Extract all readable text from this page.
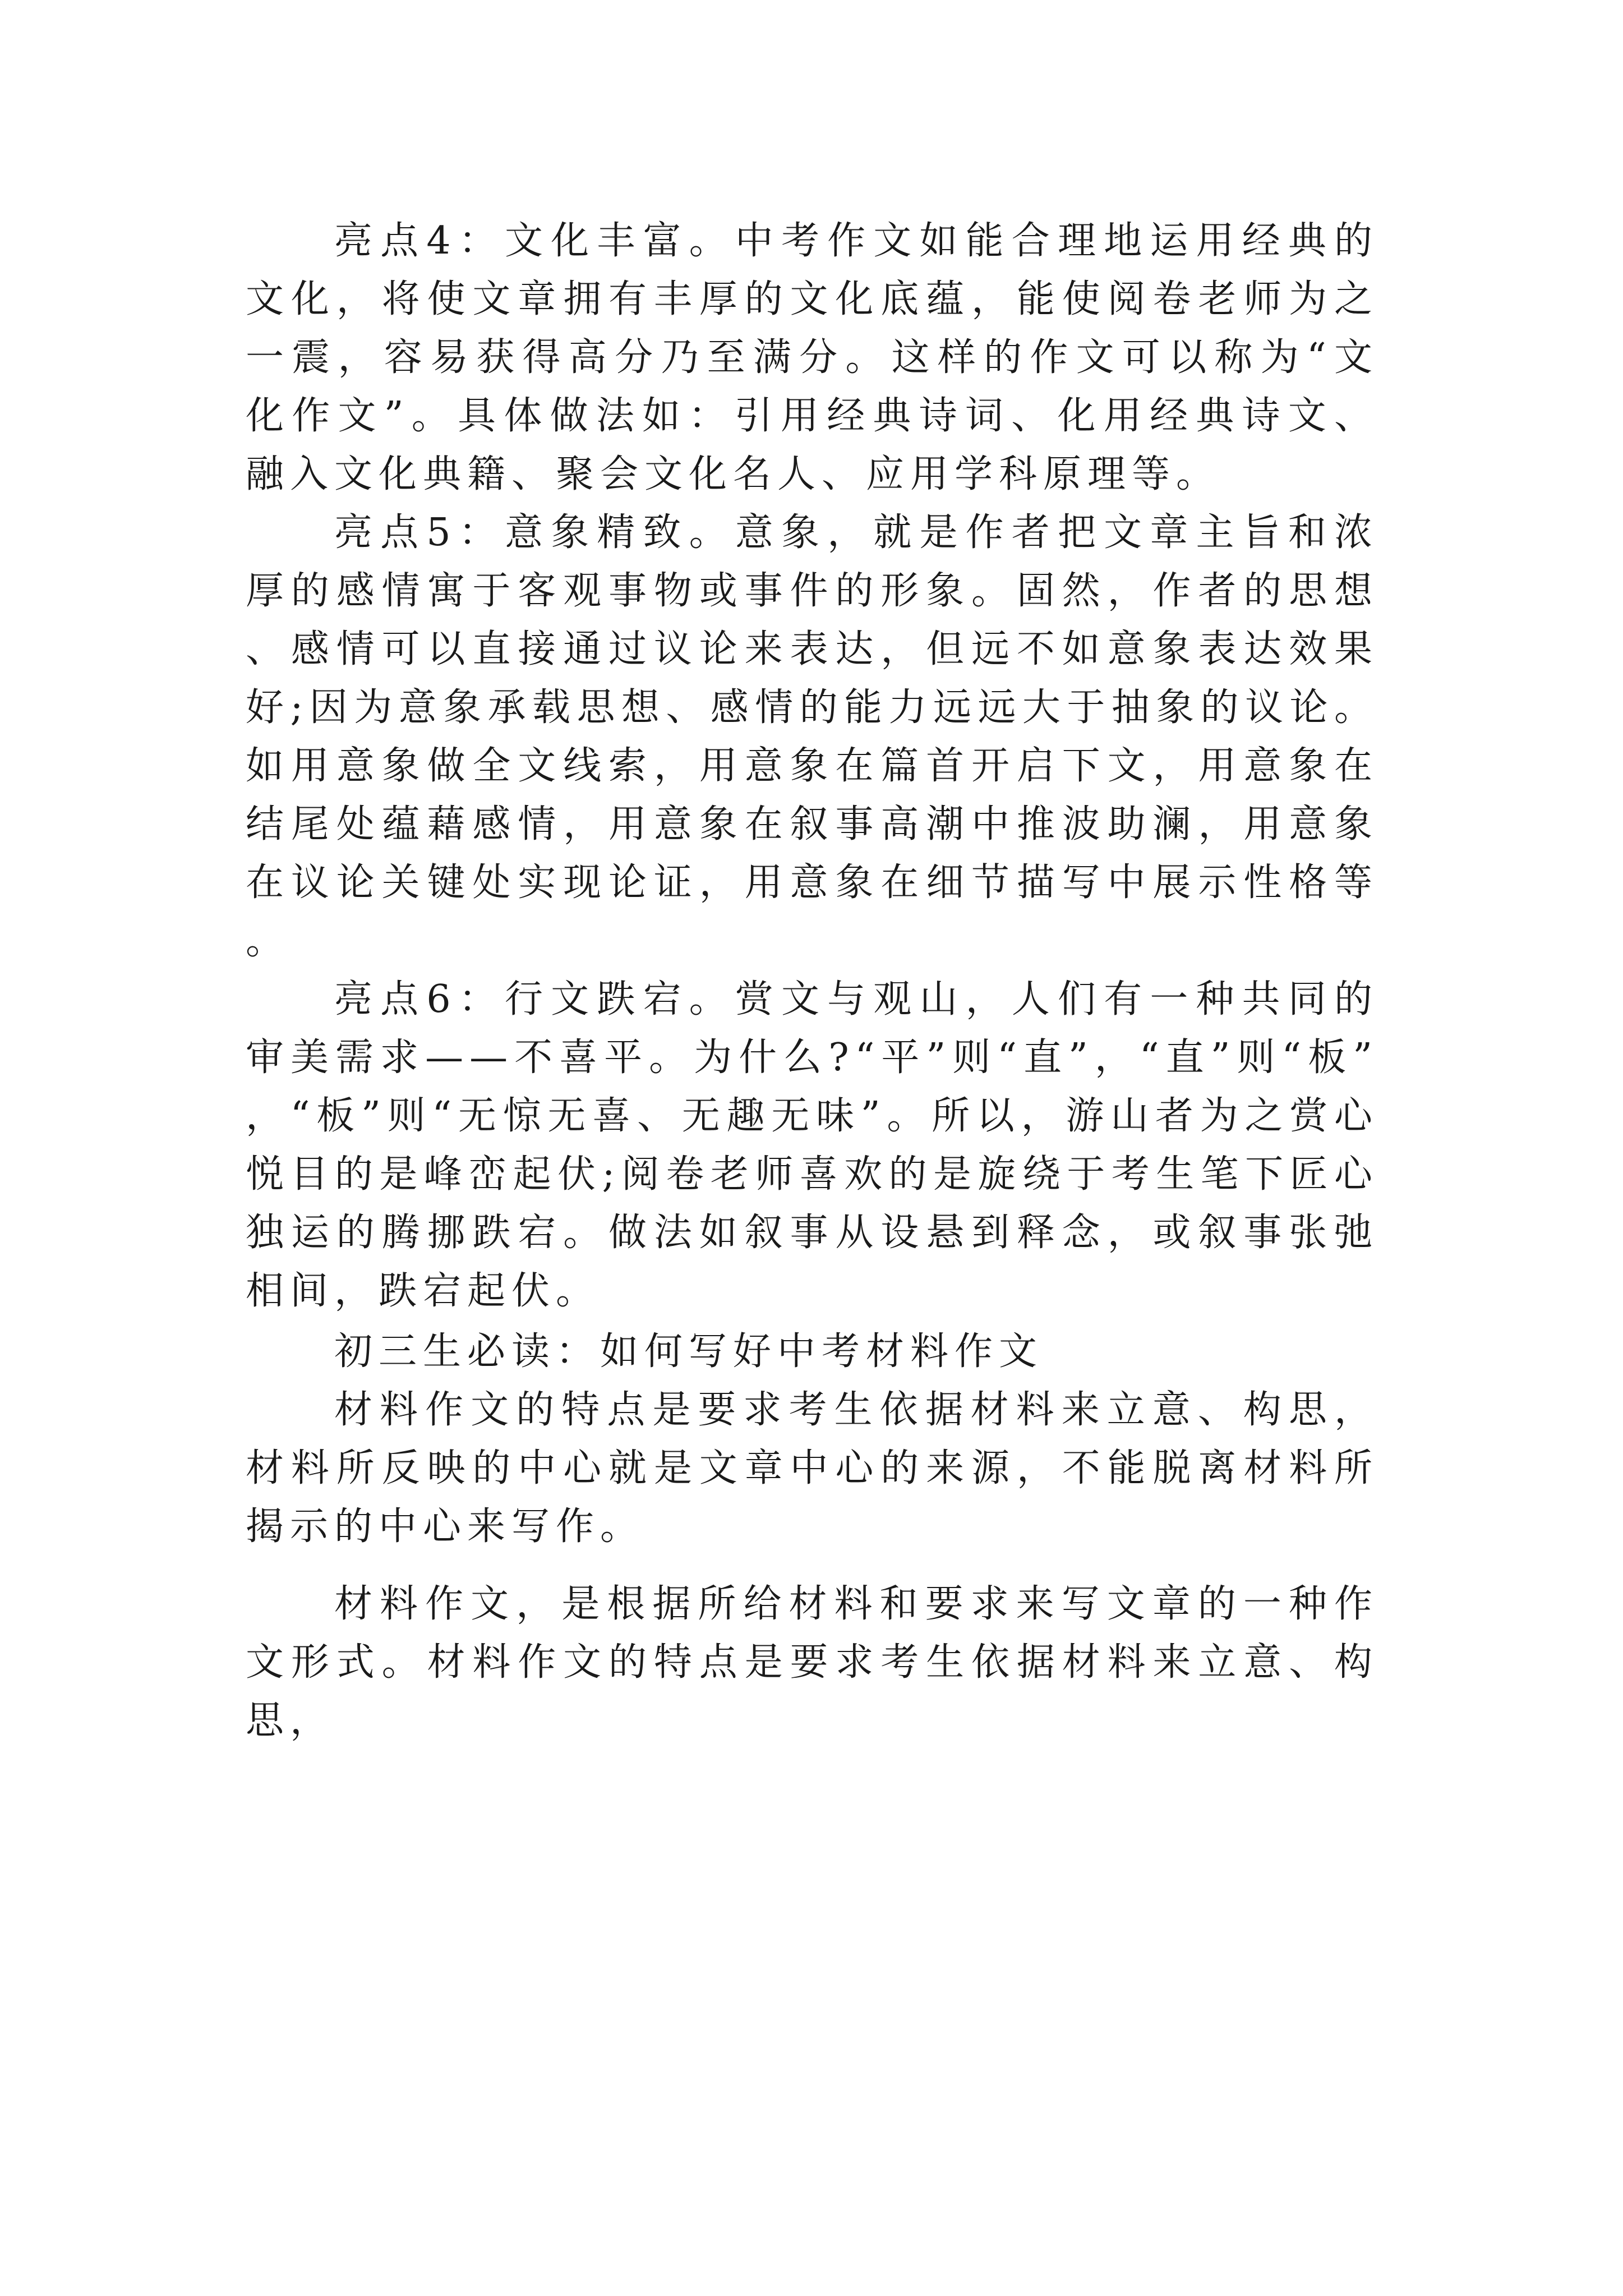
亮点4：文化丰富。中考作文如能合理地运用经典的文化，将使文章拥有丰厚的文化底蕴，能使阅卷老师为之一震，容易获得高分乃至满分。这样的作文可以称为“文化作文”。具体做法如：引用经典诗词、化用经典诗文、融入文化典籍、聚会文化名人、应用学科原理等。

亮点5：意象精致。意象，就是作者把文章主旨和浓厚的感情寓于客观事物或事件的形象。固然，作者的思想、感情可以直接通过议论来表达，但远不如意象表达效果好;因为意象承载思想、感情的能力远远大于抽象的议论。如用意象做全文线索，用意象在篇首开启下文，用意象在结尾处蕴藉感情，用意象在叙事高潮中推波助澜，用意象在议论关键处实现论证，用意象在细节描写中展示性格等。

亮点6：行文跌宕。赏文与观山，人们有一种共同的审美需求——不喜平。为什么?“平”则“直”，“直”则“板”，“板”则“无惊无喜、无趣无味”。所以，游山者为之赏心悦目的是峰峦起伏;阅卷老师喜欢的是旋绕于考生笔下匠心独运的腾挪跌宕。做法如叙事从设悬到释念，或叙事张弛相间，跌宕起伏。

初三生必读：如何写好中考材料作文

材料作文的特点是要求考生依据材料来立意、构思，材料所反映的中心就是文章中心的来源，不能脱离材料所揭示的中心来写作。

材料作文，是根据所给材料和要求来写文章的一种作文形式。材料作文的特点是要求考生依据材料来立意、构思，
